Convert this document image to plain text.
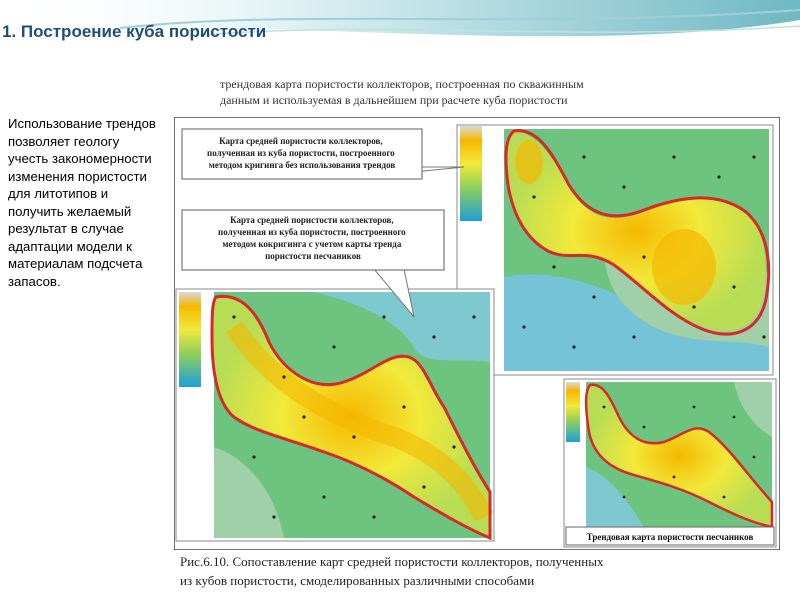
1. Построение куба пористости
Использование трендов позволяет геологу учесть закономерности изменения пористости для литотипов и получить желаемый результат в случае адаптации модели к материалам подсчета запасов.
трендовая карта пористости коллекторов, построенная по скважинным
данным и используемая в дальнейшем при расчете куба пористости
Трендовая карта пористости песчаников
Карта средней пористости коллекторов, полученная из куба пористости, построенного методом кригинга без использования трендов
Карта средней пористости коллекторов, полученная из куба пористости, построенного методом кокригинга с учетом карты тренда пористости песчаников
Рис.6.10. Сопоставление карт средней пористости коллекторов, полученных
из кубов пористости, смоделированных различными способами
